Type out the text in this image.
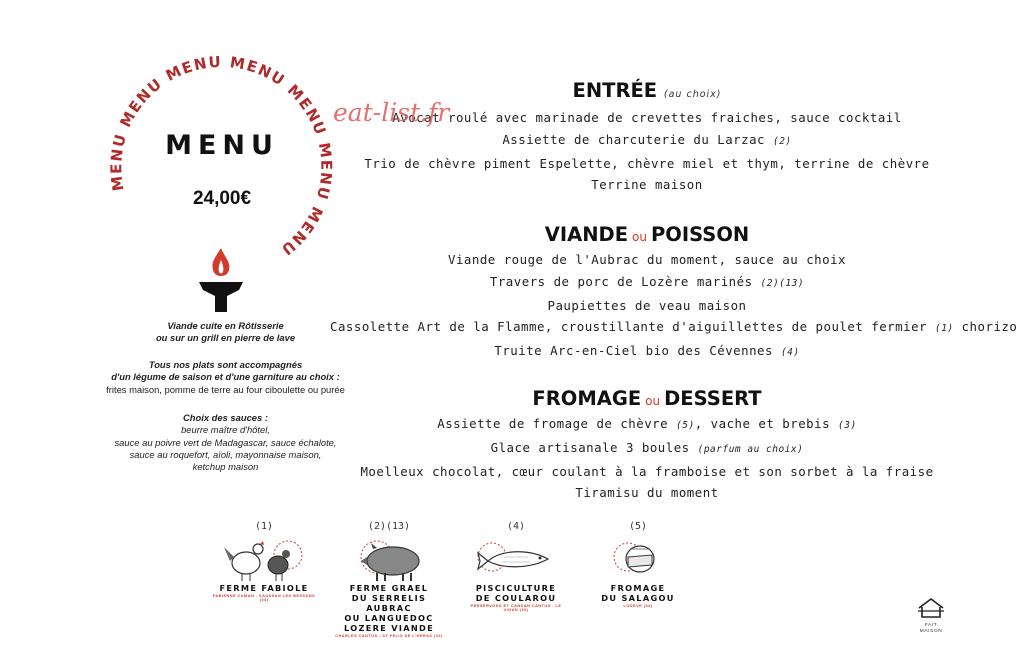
MENU MENU MENU MENU MENU MENU MENU
MENU
24,00€
Viande cuite en Rôtisserie
ou sur un grill en pierre de lave
Tous nos plats sont accompagnés
d'un légume de saison et d'une garniture au choix :
frites maison, pomme de terre au four ciboulette ou purée
Choix des sauces :
beurre maître d'hôtel,
sauce au poivre vert de Madagascar, sauce échalote,
sauce au roquefort, aïoli, mayonnaise maison,
ketchup maison
ENTRÉE (au choix)
Avocat roulé avec marinade de crevettes fraiches, sauce cocktail
Assiette de charcuterie du Larzac (2)
Trio de chèvre piment Espelette, chèvre miel et thym, terrine de chèvre
Terrine maison
eat-list.fr
VIANDE ou POISSON
Viande rouge de l'Aubrac du moment, sauce au choix
Travers de porc de Lozère marinés (2)(13)
Paupiettes de veau maison
Cassolette Art de la Flamme, croustillante d'aiguillettes de poulet fermier (1) chorizo
Truite Arc-en-Ciel bio des Cévennes (4)
FROMAGE ou DESSERT
Assiette de fromage de chèvre (5), vache et brebis (3)
Glace artisanale 3 boules (parfum au choix)
Moelleux chocolat, cœur coulant à la framboise et son sorbet à la fraise
Tiramisu du moment
(1)
FERME FABIOLE
FABIENNE CUMAN - SAUSSAN LES BESSONS (34)
(2)(13)
FERME GRAEL
DU SERRELIS AUBRAC
OU LANGUEDOC
LOZERE VIANDE
CHARLES CANTUS - ST FELIX DE L'HERAS (34)
(4)
PISCICULTURE
DE COULAROU
PRESERVONS ET CANDAN CANTUS - LE VIGAN (30)
(5)
FROMAGE
DU SALAGOU
LODEVE (34)
FAIT
MAISON
